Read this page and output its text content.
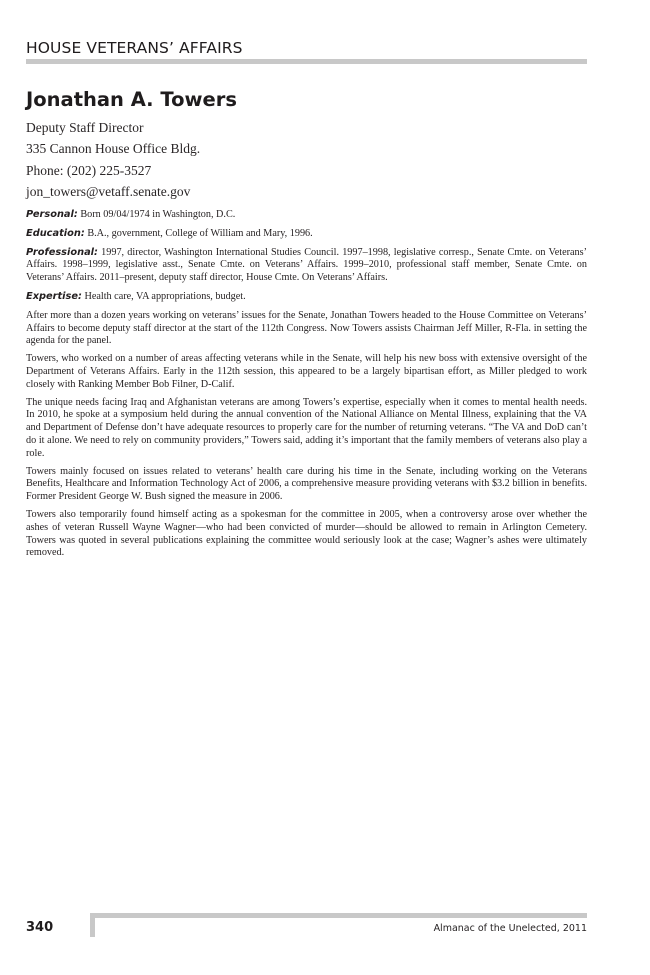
HOUSE VETERANS’ AFFAIRS
Jonathan A. Towers
Deputy Staff Director
335 Cannon House Office Bldg.
Phone: (202) 225-3527
jon_towers@vetaff.senate.gov

Personal: Born 09/04/1974 in Washington, D.C.

Education: B.A., government, College of William and Mary, 1996.

Professional: 1997, director, Washington International Studies Council. 1997–1998, legislative corresp., Senate Cmte. on Veterans’ Affairs. 1998–1999, legislative asst., Senate Cmte. on Veterans’ Affairs. 1999–2010, professional staff member, Senate Cmte. on Veterans’ Affairs. 2011–present, deputy staff director, House Cmte. On Veterans’ Affairs.

Expertise: Health care, VA appropriations, budget.

After more than a dozen years working on veterans’ issues for the Senate, Jonathan Towers headed to the House Committee on Veterans’ Affairs to become deputy staff director at the start of the 112th Congress. Now Towers assists Chairman Jeff Miller, R-Fla. in setting the agenda for the panel.

Towers, who worked on a number of areas affecting veterans while in the Senate, will help his new boss with extensive oversight of the Department of Veterans Affairs. Early in the 112th session, this appeared to be a largely bipartisan effort, as Miller pledged to work closely with Ranking Member Bob Filner, D-Calif.

The unique needs facing Iraq and Afghanistan veterans are among Towers’s expertise, especially when it comes to mental health needs. In 2010, he spoke at a symposium held during the annual convention of the National Alliance on Mental Illness, explaining that the VA and Department of Defense don’t have adequate resources to properly care for the number of returning veterans. “The VA and DoD can’t do it alone. We need to rely on community providers,” Towers said, adding it’s important that the family members of veterans also play a role.

Towers mainly focused on issues related to veterans’ health care during his time in the Senate, including working on the Veterans Benefits, Healthcare and Information Technology Act of 2006, a comprehensive measure providing veterans with $3.2 billion in benefits. Former President George W. Bush signed the measure in 2006.

Towers also temporarily found himself acting as a spokesman for the committee in 2005, when a controversy arose over whether the ashes of veteran Russell Wayne Wagner—who had been convicted of murder—should be allowed to remain in Arlington Cemetery. Towers was quoted in several publications explaining the committee would seriously look at the case; Wagner’s ashes were ultimately removed.

340	Almanac of the Unelected, 2011
